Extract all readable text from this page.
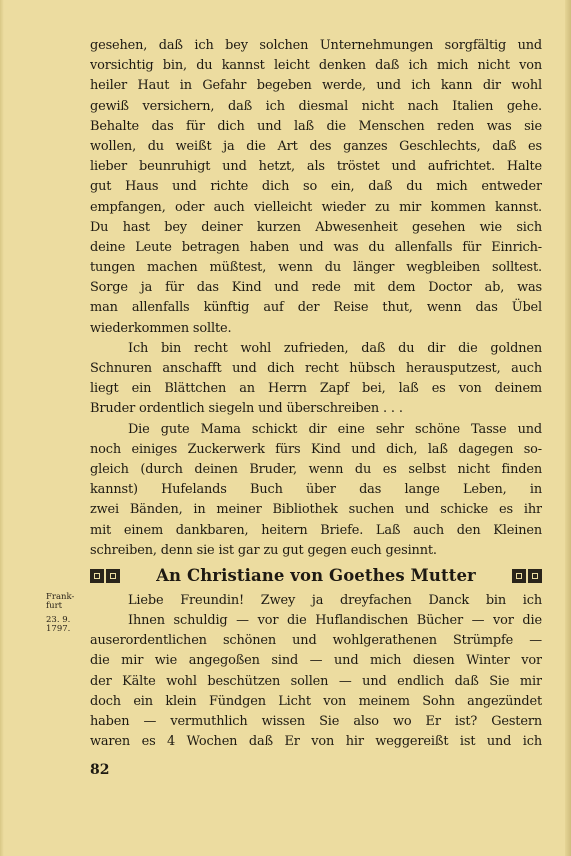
gesehen, daß ich bey solchen Unternehmungen sorgfältig und
vorsichtig bin, du kannst leicht denken daß ich mich nicht von
heiler Haut in Gefahr begeben werde, und ich kann dir wohl
gewiß versichern, daß ich diesmal nicht nach Italien gehe.
Behalte das für dich und laß die Menschen reden was sie
wollen, du weißt ja die Art des ganzes Geschlechts, daß es
lieber beunruhigt und hetzt, als tröstet und aufrichtet. Halte
gut Haus und richte dich so ein, daß du mich entweder
empfangen, oder auch vielleicht wieder zu mir kommen kannst.
Du hast bey deiner kurzen Abwesenheit gesehen wie sich
deine Leute betragen haben und was du allenfalls für Einrich-
tungen machen müßtest, wenn du länger wegbleiben solltest.
Sorge ja für das Kind und rede mit dem Doctor ab, was
man allenfalls künftig auf der Reise thut, wenn das Übel
wiederkommen sollte.
Ich bin recht wohl zufrieden, daß du dir die goldnen
Schnuren anschafft und dich recht hübsch herausputzest, auch
liegt ein Blättchen an Herrn Zapf bei, laß es von deinem
Bruder ordentlich siegeln und überschreiben . . .
Die gute Mama schickt dir eine sehr schöne Tasse und
noch einiges Zuckerwerk fürs Kind und dich, laß dagegen so-
gleich (durch deinen Bruder, wenn du es selbst nicht finden
kannst) Hufelands Buch über das lange Leben, in
zwei Bänden, in meiner Bibliothek suchen und schicke es ihr
mit einem dankbaren, heitern Briefe. Laß auch den Kleinen
schreiben, denn sie ist gar zu gut gegen euch gesinnt.
An Christiane von Goethes Mutter
Frank-furt
23. 9. 1797.
Liebe Freundin! Zwey ja dreyfachen Danck bin ich
Ihnen schuldig — vor die Huflandischen Bücher — vor die
auserordentlichen schönen und wohlgerathenen Strümpfe —
die mir wie angegoßen sind — und mich diesen Winter vor
der Kälte wohl beschützen sollen — und endlich daß Sie mir
doch ein klein Fündgen Licht von meinem Sohn angezündet
haben — vermuthlich wissen Sie also wo Er ist? Gestern
waren es 4 Wochen daß Er von hir weggereißt ist und ich
82
